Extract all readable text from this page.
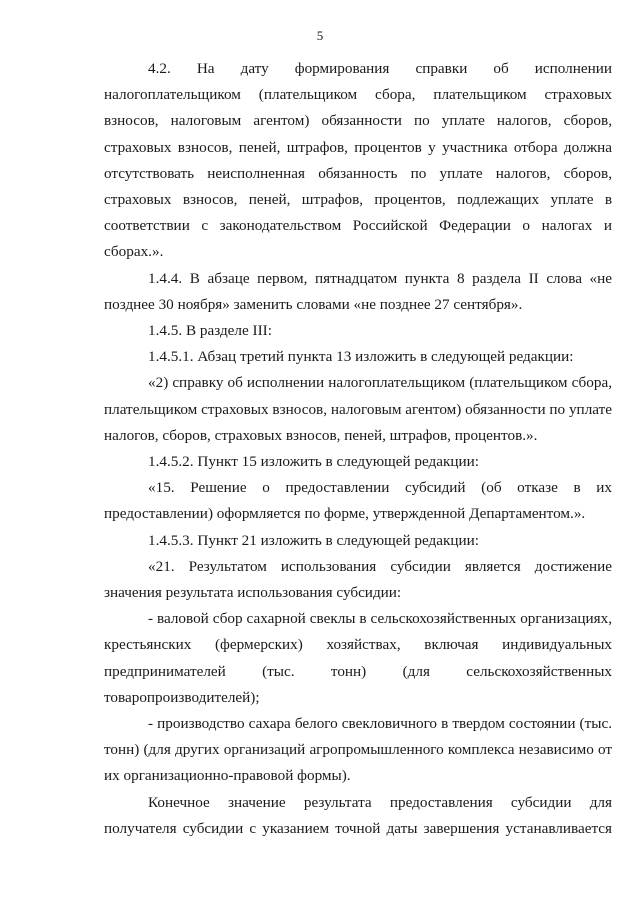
5

4.2. На дату формирования справки об исполнении налогоплательщиком (плательщиком сбора, плательщиком страховых взносов, налоговым агентом) обязанности по уплате налогов, сборов, страховых взносов, пеней, штрафов, процентов у участника отбора должна отсутствовать неисполненная обязанность по уплате налогов, сборов, страховых взносов, пеней, штрафов, процентов, подлежащих уплате в соответствии с законодательством Российской Федерации о налогах и сборах.».

1.4.4. В абзаце первом, пятнадцатом пункта 8 раздела II слова «не позднее 30 ноября» заменить словами «не позднее 27 сентября».

1.4.5. В разделе III:

1.4.5.1. Абзац третий пункта 13 изложить в следующей редакции:

«2) справку об исполнении налогоплательщиком (плательщиком сбора, плательщиком страховых взносов, налоговым агентом) обязанности по уплате налогов, сборов, страховых взносов, пеней, штрафов, процентов.».

1.4.5.2. Пункт 15 изложить в следующей редакции:

«15. Решение о предоставлении субсидий (об отказе в их предоставлении) оформляется по форме, утвержденной Департаментом.».

1.4.5.3. Пункт 21 изложить в следующей редакции:

«21. Результатом использования субсидии является достижение значения результата использования субсидии:

- валовой сбор сахарной свеклы в сельскохозяйственных организациях, крестьянских (фермерских) хозяйствах, включая индивидуальных предпринимателей (тыс. тонн) (для сельскохозяйственных товаропроизводителей);

- производство сахара белого свекловичного в твердом состоянии (тыс. тонн) (для других организаций агропромышленного комплекса независимо от их организационно-правовой формы).

Конечное значение результата предоставления субсидии для получателя субсидии с указанием точной даты завершения устанавливается
